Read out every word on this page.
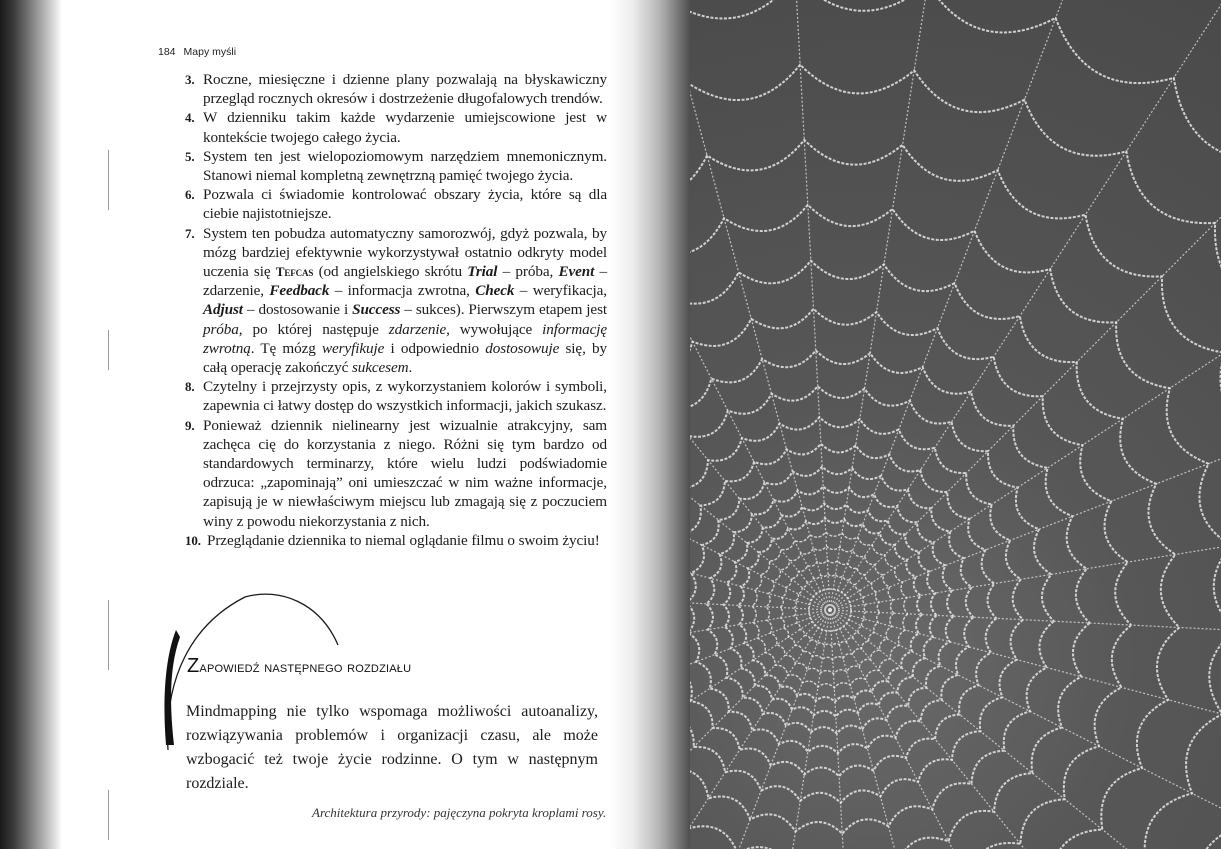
184 Mapy myśli
3. Roczne, miesięczne i dzienne plany pozwalają na błyskawiczny przegląd rocznych okresów i dostrzeżenie długofalowych trendów.
4. W dzienniku takim każde wydarzenie umiejscowione jest w kontekście twojego całego życia.
5. System ten jest wielopoziomowym narzędziem mnemonicznym. Stanowi niemal kompletną zewnętrzną pamięć twojego życia.
6. Pozwala ci świadomie kontrolować obszary życia, które są dla ciebie najistotniejsze.
7. System ten pobudza automatyczny samorozwój, gdyż pozwala, by mózg bardziej efektywnie wykorzystywał ostatnio odkryty model uczenia się Tefcas (od angielskiego skrótu Trial – próba, Event – zdarzenie, Feedback – informacja zwrotna, Check – weryfikacja, Adjust – dostosowanie i Success – sukces). Pierwszym etapem jest próba, po której następuje zdarzenie, wywołujące informację zwrotną. Tę mózg weryfikuje i odpowiednio dostosowuje się, by całą operację zakończyć sukcesem.
8. Czytelny i przejrzysty opis, z wykorzystaniem kolorów i symboli, zapewnia ci łatwy dostęp do wszystkich informacji, jakich szukasz.
9. Ponieważ dziennik nielinearny jest wizualnie atrakcyjny, sam zachęca cię do korzystania z niego. Różni się tym bardzo od standardowych terminarzy, które wielu ludzi podświadomie odrzuca: „zapominają” oni umieszczać w nim ważne informacje, zapisują je w niewłaściwym miejscu lub zmagają się z poczuciem winy z powodu niekorzystania z nich.
10. Przeglądanie dziennika to niemal oglądanie filmu o swoim życiu!
Zapowiedź następnego rozdziału
Mindmapping nie tylko wspomaga możliwości autoanalizy, rozwiązywania problemów i organizacji czasu, ale może wzbogacić też twoje życie rodzinne. O tym w następnym rozdziale.
Architektura przyrody: pajęczyna pokryta kroplami rosy.
